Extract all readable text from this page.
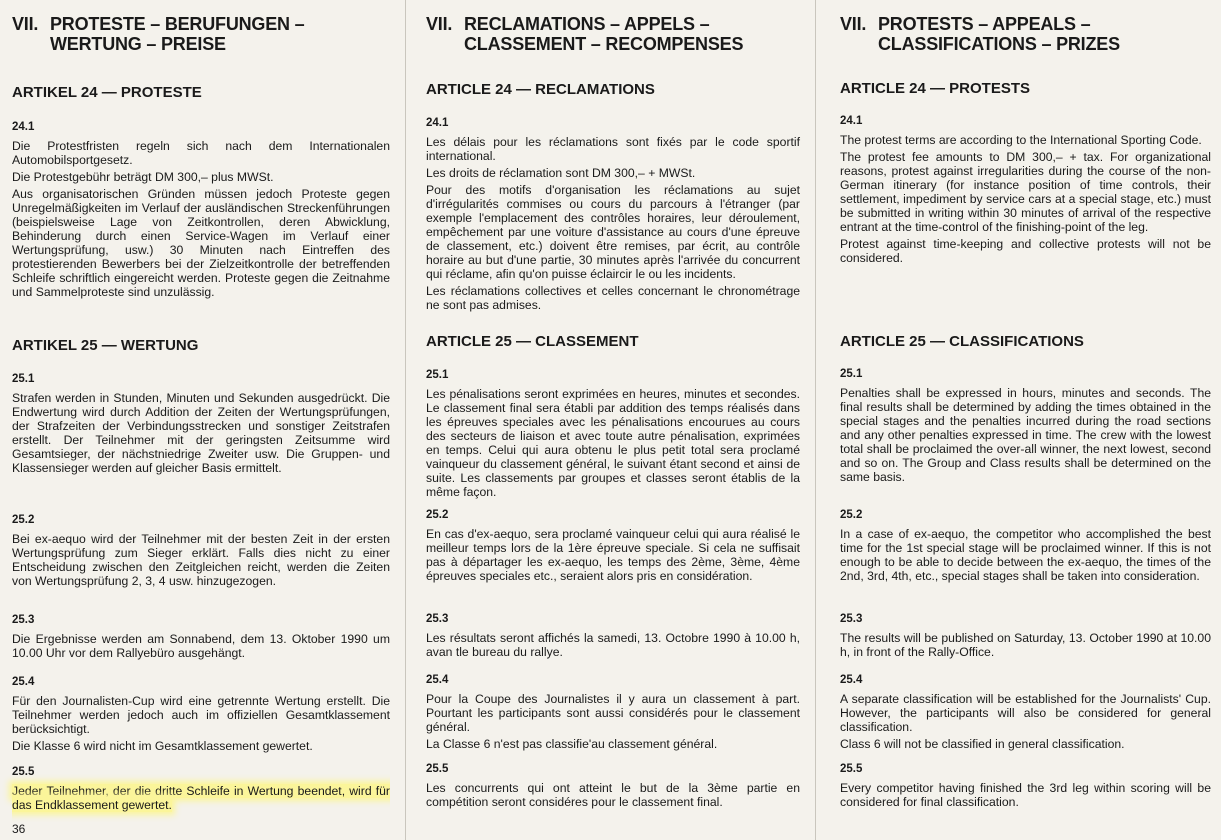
VII. PROTESTE – BERUFUNGEN –
WERTUNG – PREISE
ARTIKEL 24 — PROTESTE
24.1

Die Protestfristen regeln sich nach dem Internationalen Automobilsportgesetz.

Die Protestgebühr beträgt DM 300,– plus MWSt.

Aus organisatorischen Gründen müssen jedoch Proteste gegen Unregelmäßigkeiten im Verlauf der ausländischen Streckenführungen (beispielsweise Lage von Zeitkontrollen, deren Abwicklung, Behinderung durch einen Service-Wagen im Verlauf einer Wertungsprüfung, usw.) 30 Minuten nach Eintreffen des protestierenden Bewerbers bei der Zielzeitkontrolle der betreffenden Schleife schriftlich eingereicht werden. Proteste gegen die Zeitnahme und Sammelproteste sind unzulässig.

ARTIKEL 25 — WERTUNG
25.1

Strafen werden in Stunden, Minuten und Sekunden ausgedrückt. Die Endwertung wird durch Addition der Zeiten der Wertungsprüfungen, der Strafzeiten der Verbindungsstrecken und sonstiger Zeitstrafen erstellt. Der Teilnehmer mit der geringsten Zeitsumme wird Gesamtsieger, der nächstniedrige Zweiter usw. Die Gruppen- und Klassensieger werden auf gleicher Basis ermittelt.

25.2

Bei ex-aequo wird der Teilnehmer mit der besten Zeit in der ersten Wertungsprüfung zum Sieger erklärt. Falls dies nicht zu einer Entscheidung zwischen den Zeitgleichen reicht, werden die Zeiten von Wertungsprüfung 2, 3, 4 usw. hinzugezogen.

25.3

Die Ergebnisse werden am Sonnabend, dem 13. Oktober 1990 um 10.00 Uhr vor dem Rallyebüro ausgehängt.

25.4

Für den Journalisten-Cup wird eine getrennte Wertung erstellt. Die Teilnehmer werden jedoch auch im offiziellen Gesamtklassement berücksichtigt.

Die Klasse 6 wird nicht im Gesamtklassement gewertet.

25.5

Jeder Teilnehmer, der die dritte Schleife in Wertung beendet, wird für das Endklassement gewertet.

36
VII. RECLAMATIONS – APPELS –
CLASSEMENT – RECOMPENSES
ARTICLE 24 — RECLAMATIONS
24.1

Les délais pour les réclamations sont fixés par le code sportif international.

Les droits de réclamation sont DM 300,– + MWSt.

Pour des motifs d'organisation les réclamations au sujet d'irrégularités commises ou cours du parcours à l'étranger (par exemple l'emplacement des contrôles horaires, leur déroulement, empêchement par une voiture d'assistance au cours d'une épreuve de classement, etc.) doivent être remises, par écrit, au contrôle horaire au but d'une partie, 30 minutes après l'arrivée du concurrent qui réclame, afin qu'on puisse éclaircir le ou les incidents.

Les réclamations collectives et celles concernant le chronométrage ne sont pas admises.

ARTICLE 25 — CLASSEMENT
25.1

Les pénalisations seront exprimées en heures, minutes et secondes. Le classement final sera établi par addition des temps réalisés dans les épreuves speciales avec les pénalisations encourues au cours des secteurs de liaison et avec toute autre pénalisation, exprimées en temps. Celui qui aura obtenu le plus petit total sera proclamé vainqueur du classement général, le suivant étant second et ainsi de suite. Les classements par groupes et classes seront établis de la même façon.

25.2

En cas d'ex-aequo, sera proclamé vainqueur celui qui aura réalisé le meilleur temps lors de la 1ère épreuve speciale. Si cela ne suffisait pas à départager les ex-aequo, les temps des 2ème, 3ème, 4ème épreuves speciales etc., seraient alors pris en considération.

25.3

Les résultats seront affichés la samedi, 13. Octobre 1990 à 10.00 h, avan tle bureau du rallye.

25.4

Pour la Coupe des Journalistes il y aura un classement à part. Pourtant les participants sont aussi considérés pour le classement général.

La Classe 6 n'est pas classifie'au classement général.

25.5

Les concurrents qui ont atteint le but de la 3ème partie en compétition seront considéres pour le classement final.

VII. PROTESTS – APPEALS –
CLASSIFICATIONS – PRIZES
ARTICLE 24 — PROTESTS
24.1

The protest terms are according to the International Sporting Code.

The protest fee amounts to DM 300,– + tax. For organizational reasons, protest against irregularities during the course of the non-German itinerary (for instance position of time controls, their settlement, impediment by service cars at a special stage, etc.) must be submitted in writing within 30 minutes of arrival of the respective entrant at the time-control of the finishing-point of the leg.

Protest against time-keeping and collective protests will not be considered.

ARTICLE 25 — CLASSIFICATIONS
25.1

Penalties shall be expressed in hours, minutes and seconds. The final results shall be determined by adding the times obtained in the special stages and the penalties incurred during the road sections and any other penalties expressed in time. The crew with the lowest total shall be proclaimed the over-all winner, the next lowest, second and so on. The Group and Class results shall be determined on the same basis.

25.2

In a case of ex-aequo, the competitor who accomplished the best time for the 1st special stage will be proclaimed winner. If this is not enough to be able to decide between the ex-aequo, the times of the 2nd, 3rd, 4th, etc., special stages shall be taken into consideration.

25.3

The results will be published on Saturday, 13. October 1990 at 10.00 h, in front of the Rally-Office.

25.4

A separate classification will be established for the Journalists' Cup. However, the participants will also be considered for general classification.

Class 6 will not be classified in general classification.

25.5

Every competitor having finished the 3rd leg within scoring will be considered for final classification.
